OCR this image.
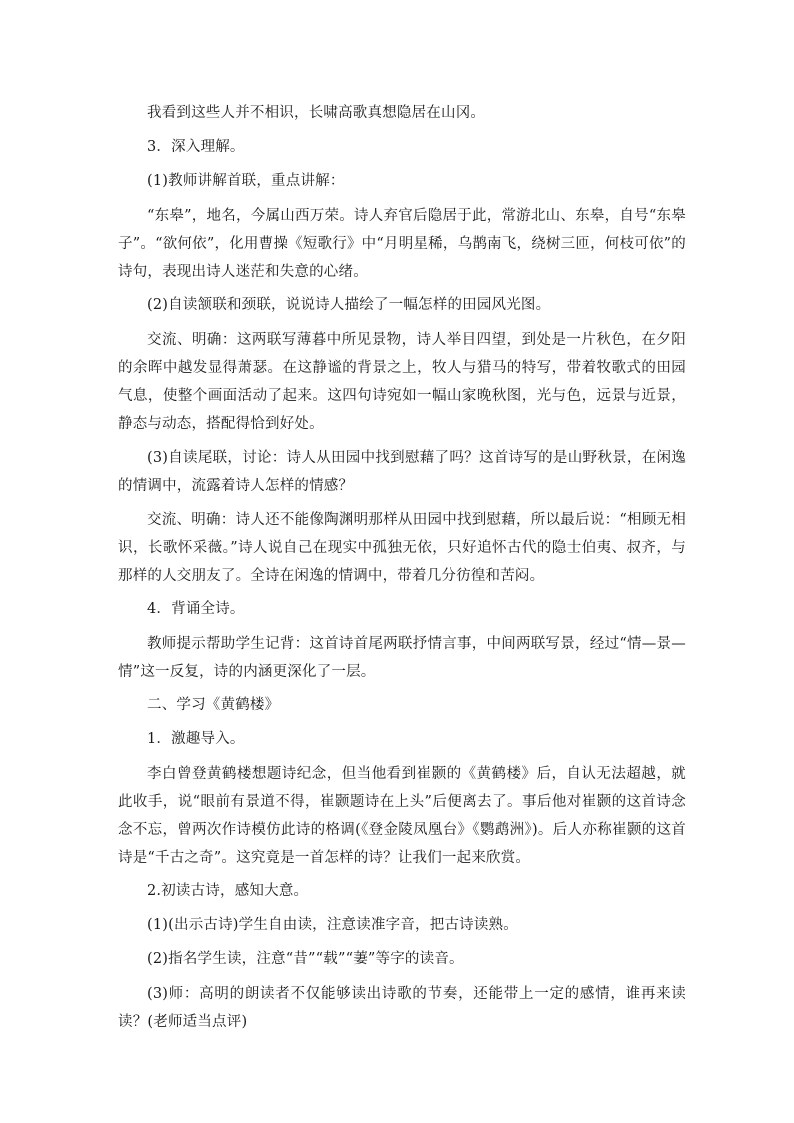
我看到这些人并不相识，长啸高歌真想隐居在山冈。

3．深入理解。

(1)教师讲解首联，重点讲解：

“东皋”，地名，今属山西万荣。诗人弃官后隐居于此，常游北山、东皋，自号“东皋子”。“欲何依”，化用曹操《短歌行》中“月明星稀，乌鹊南飞，绕树三匝，何枝可依”的诗句，表现出诗人迷茫和失意的心绪。

(2)自读颔联和颈联，说说诗人描绘了一幅怎样的田园风光图。

交流、明确：这两联写薄暮中所见景物，诗人举目四望，到处是一片秋色，在夕阳的余晖中越发显得萧瑟。在这静谧的背景之上，牧人与猎马的特写，带着牧歌式的田园气息，使整个画面活动了起来。这四句诗宛如一幅山家晚秋图，光与色，远景与近景，静态与动态，搭配得恰到好处。

(3)自读尾联，讨论：诗人从田园中找到慰藉了吗？这首诗写的是山野秋景，在闲逸的情调中，流露着诗人怎样的情感？

交流、明确：诗人还不能像陶渊明那样从田园中找到慰藉，所以最后说：“相顾无相识，长歌怀采薇。”诗人说自己在现实中孤独无依，只好追怀古代的隐士伯夷、叔齐，与那样的人交朋友了。全诗在闲逸的情调中，带着几分彷徨和苦闷。

4．背诵全诗。

教师提示帮助学生记背：这首诗首尾两联抒情言事，中间两联写景，经过“情—景—情”这一反复，诗的内涵更深化了一层。

二、学习《黄鹤楼》

1．激趣导入。

李白曾登黄鹤楼想题诗纪念，但当他看到崔颢的《黄鹤楼》后，自认无法超越，就此收手，说“眼前有景道不得，崔颢题诗在上头”后便离去了。事后他对崔颢的这首诗念念不忘，曾两次作诗模仿此诗的格调(《登金陵凤凰台》《鹦鹉洲》)。后人亦称崔颢的这首诗是“千古之奇”。这究竟是一首怎样的诗？让我们一起来欣赏。

2.初读古诗，感知大意。

(1)(出示古诗)学生自由读，注意读准字音，把古诗读熟。

(2)指名学生读，注意“昔”“载”“萋”等字的读音。

(3)师：高明的朗读者不仅能够读出诗歌的节奏，还能带上一定的感情，谁再来读读？(老师适当点评)
